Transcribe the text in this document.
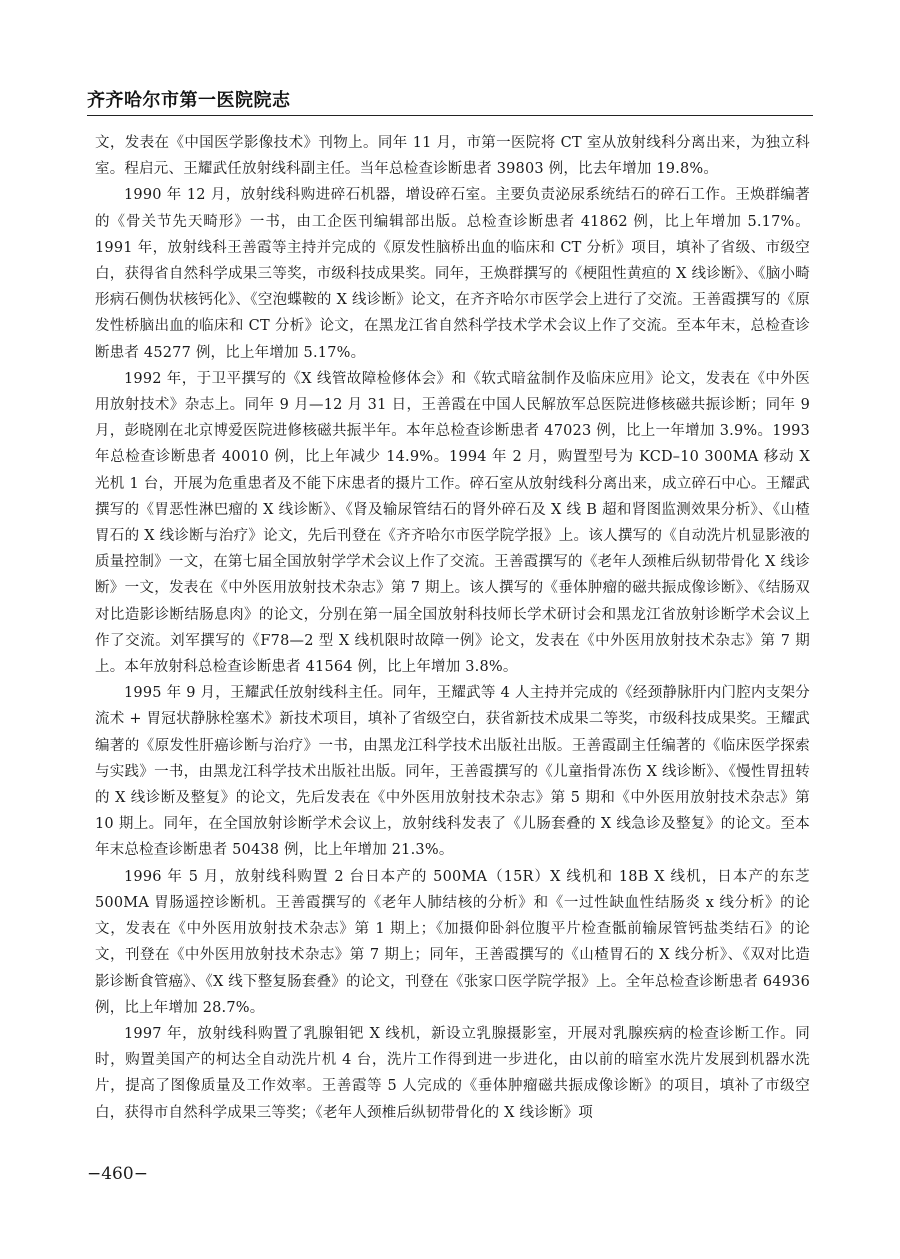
齐齐哈尔市第一医院院志

文，发表在《中国医学影像技术》刊物上。同年 11 月，市第一医院将 CT 室从放射线科分离出来，为独立科室。程启元、王耀武任放射线科副主任。当年总检查诊断患者 39803 例，比去年增加 19.8%。

1990 年 12 月，放射线科购进碎石机器，增设碎石室。主要负责泌尿系统结石的碎石工作。王焕群编著的《骨关节先天畸形》一书，由工企医刊编辑部出版。总检查诊断患者 41862 例，比上年增加 5.17%。1991 年，放射线科王善霞等主持并完成的《原发性脑桥出血的临床和 CT 分析》项目，填补了省级、市级空白，获得省自然科学成果三等奖，市级科技成果奖。同年，王焕群撰写的《梗阻性黄疸的 X 线诊断》、《脑小畸形病石侧伪状核钙化》、《空泡蝶鞍的 X 线诊断》论文，在齐齐哈尔市医学会上进行了交流。王善霞撰写的《原发性桥脑出血的临床和 CT 分析》论文，在黑龙江省自然科学技术学术会议上作了交流。至本年末，总检查诊断患者 45277 例，比上年增加 5.17%。

1992 年，于卫平撰写的《X 线管故障检修体会》和《软式暗盆制作及临床应用》论文，发表在《中外医用放射技术》杂志上。同年 9 月—12 月 31 日，王善霞在中国人民解放军总医院进修核磁共振诊断；同年 9 月，彭晓刚在北京博爱医院进修核磁共振半年。本年总检查诊断患者 47023 例，比上一年增加 3.9%。1993 年总检查诊断患者 40010 例，比上年减少 14.9%。1994 年 2 月，购置型号为 KCD–10 300MA 移动 X 光机 1 台，开展为危重患者及不能下床患者的摄片工作。碎石室从放射线科分离出来，成立碎石中心。王耀武撰写的《胃恶性淋巴瘤的 X 线诊断》、《肾及输尿管结石的肾外碎石及 X 线 B 超和肾图监测效果分析》、《山楂胃石的 X 线诊断与治疗》论文，先后刊登在《齐齐哈尔市医学院学报》上。该人撰写的《自动洗片机显影液的质量控制》一文，在第七届全国放射学学术会议上作了交流。王善霞撰写的《老年人颈椎后纵韧带骨化 X 线诊断》一文，发表在《中外医用放射技术杂志》第 7 期上。该人撰写的《垂体肿瘤的磁共振成像诊断》、《结肠双对比造影诊断结肠息肉》的论文，分别在第一届全国放射科技师长学术研讨会和黑龙江省放射诊断学术会议上作了交流。刘军撰写的《F78—2 型 X 线机限时故障一例》论文，发表在《中外医用放射技术杂志》第 7 期上。本年放射科总检查诊断患者 41564 例，比上年增加 3.8%。

1995 年 9 月，王耀武任放射线科主任。同年，王耀武等 4 人主持并完成的《经颈静脉肝内门腔内支架分流术 + 胃冠状静脉栓塞术》新技术项目，填补了省级空白，获省新技术成果二等奖，市级科技成果奖。王耀武编著的《原发性肝癌诊断与治疗》一书，由黑龙江科学技术出版社出版。王善霞副主任编著的《临床医学探索与实践》一书，由黑龙江科学技术出版社出版。同年，王善霞撰写的《儿童指骨冻伤 X 线诊断》、《慢性胃扭转的 X 线诊断及整复》的论文，先后发表在《中外医用放射技术杂志》第 5 期和《中外医用放射技术杂志》第 10 期上。同年，在全国放射诊断学术会议上，放射线科发表了《儿肠套叠的 X 线急诊及整复》的论文。至本年末总检查诊断患者 50438 例，比上年增加 21.3%。

1996 年 5 月，放射线科购置 2 台日本产的 500MA（15R）X 线机和 18B X 线机，日本产的东芝 500MA 胃肠遥控诊断机。王善霞撰写的《老年人肺结核的分析》和《一过性缺血性结肠炎 x 线分析》的论文，发表在《中外医用放射技术杂志》第 1 期上；《加摄仰卧斜位腹平片检查骶前输尿管钙盐类结石》的论文，刊登在《中外医用放射技术杂志》第 7 期上；同年，王善霞撰写的《山楂胃石的 X 线分析》、《双对比造影诊断食管癌》、《X 线下整复肠套叠》的论文，刊登在《张家口医学院学报》上。全年总检查诊断患者 64936 例，比上年增加 28.7%。

1997 年，放射线科购置了乳腺钼钯 X 线机，新设立乳腺摄影室，开展对乳腺疾病的检查诊断工作。同时，购置美国产的柯达全自动洗片机 4 台，洗片工作得到进一步进化，由以前的暗室水洗片发展到机器水洗片，提高了图像质量及工作效率。王善霞等 5 人完成的《垂体肿瘤磁共振成像诊断》的项目，填补了市级空白，获得市自然科学成果三等奖；《老年人颈椎后纵韧带骨化的 X 线诊断》项

−460−
